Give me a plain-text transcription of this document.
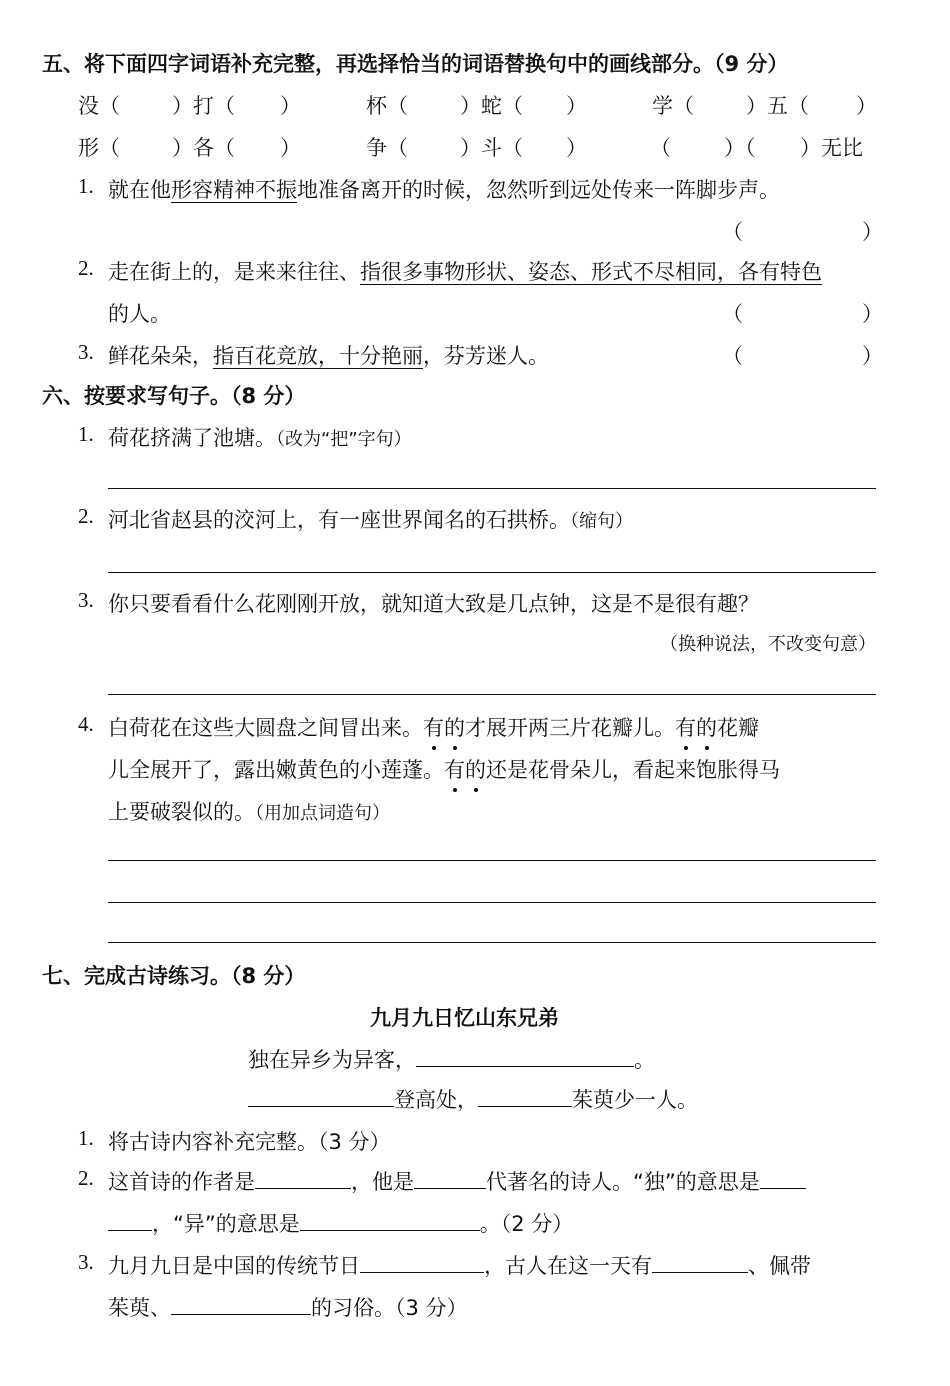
五、将下面四字词语补充完整，再选择恰当的词语替换句中的画线部分。（9 分）
没（ ）打（ ）	杯（ ）蛇（ ）	学（ ）五（ ）
形（ ）各（ ）	争（ ）斗（ ）	（	）（ ）无比
1. 就在他形容精神不振地准备离开的时候，忽然听到远处传来一阵脚步声。
（	）
2. 走在街上的，是来来往往、指很多事物形状、姿态、形式不尽相同，各有特色
的人。	（	）
3. 鲜花朵朵，指百花竞放，十分艳丽，芬芳迷人。	（	）
六、按要求写句子。（8 分）
1. 荷花挤满了池塘。（改为“把”字句）
2. 河北省赵县的洨河上，有一座世界闻名的石拱桥。（缩句）
3. 你只要看看什么花刚刚开放，就知道大致是几点钟，这是不是很有趣？
（换种说法，不改变句意）
4. 白荷花在这些大圆盘之间冒出来。有的才展开两三片花瓣儿。有的花瓣
儿全展开了，露出嫩黄色的小莲蓬。有的还是花骨朵儿，看起来饱胀得马
上要破裂似的。（用加点词造句）
七、完成古诗练习。（8 分）
九月九日忆山东兄弟
独在异乡为异客，	。
登高处，	茱萸少一人。
1. 将古诗内容补充完整。（3 分）
2. 这首诗的作者是	，他是	代著名的诗人。“独”的意思是
，“异”的意思是	。（2 分）
3. 九月九日是中国的传统节日	，古人在这一天有	、佩带
茱萸、	的习俗。（3 分）
